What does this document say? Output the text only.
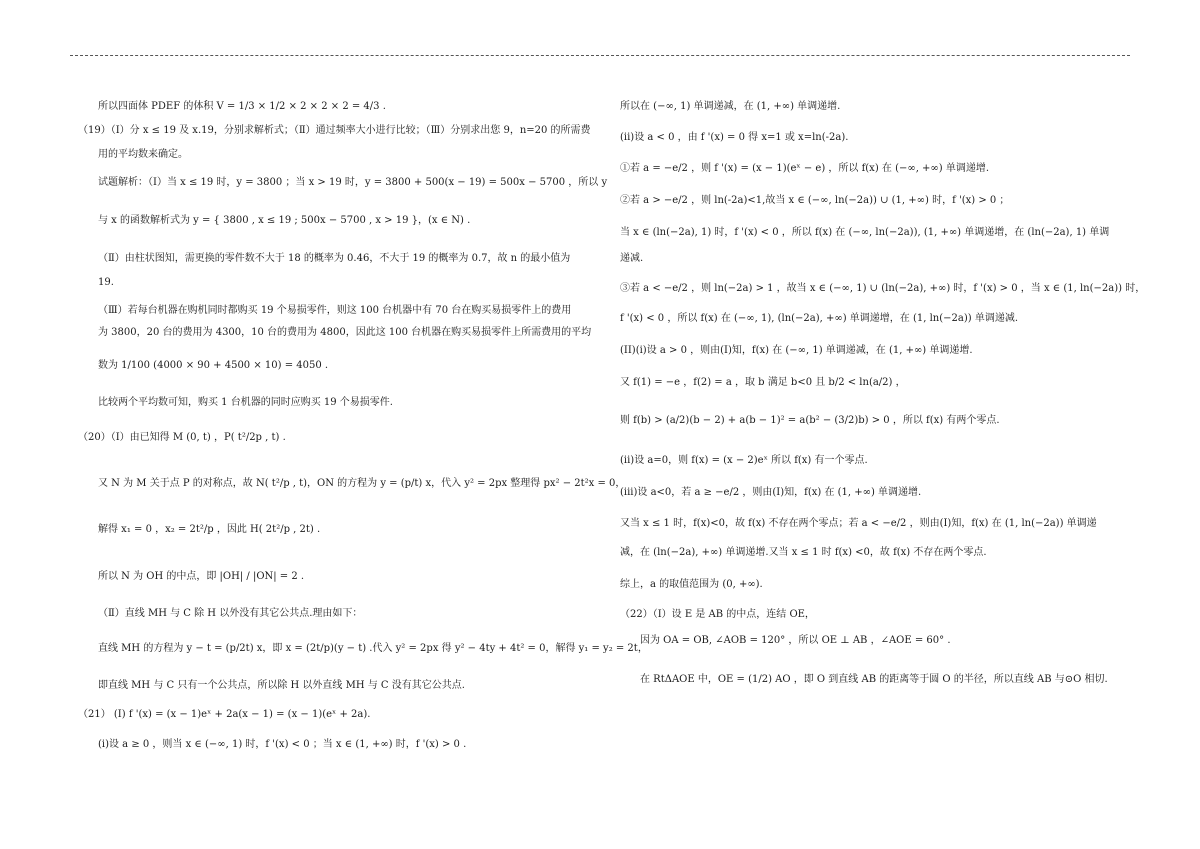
所以四面体 PDEF 的体积 V = 1/3 × 1/2 × 2 × 2 × 2 = 4/3 .
（19）（Ⅰ）分 x ≤ 19 及 x.19，分别求解析式；（Ⅱ）通过频率大小进行比较；（Ⅲ）分别求出您 9，n=20 的所需费
用的平均数来确定。
试题解析：（Ⅰ）当 x ≤ 19 时，y = 3800 ；当 x > 19 时，y = 3800 + 500(x − 19) = 500x − 5700 ，所以 y
与 x 的函数解析式为 y = { 3800 , x ≤ 19 ; 500x − 5700 , x > 19 }，(x ∈ N) .
（Ⅱ）由柱状图知，需更换的零件数不大于 18 的概率为 0.46，不大于 19 的概率为 0.7，故 n 的最小值为
19.
（Ⅲ）若每台机器在购机同时都购买 19 个易损零件，则这 100 台机器中有 70 台在购买易损零件上的费用
为 3800，20 台的费用为 4300，10 台的费用为 4800，因此这 100 台机器在购买易损零件上所需费用的平均
数为 1/100 (4000 × 90 + 4500 × 10) = 4050 .
比较两个平均数可知，购买 1 台机器的同时应购买 19 个易损零件.
（20）（Ⅰ）由已知得 M (0, t) ，P( t²/2p , t) .
又 N 为 M 关于点 P 的对称点，故 N( t²/p , t)，ON 的方程为 y = (p/t) x，代入 y² = 2px 整理得 px² − 2t²x = 0，
解得 x₁ = 0 ，x₂ = 2t²/p ，因此 H( 2t²/p , 2t) .
所以 N 为 OH 的中点，即 |OH| / |ON| = 2 .
（Ⅱ）直线 MH 与 C 除 H 以外没有其它公共点.理由如下：
直线 MH 的方程为 y − t = (p/2t) x，即 x = (2t/p)(y − t) .代入 y² = 2px 得 y² − 4ty + 4t² = 0，解得 y₁ = y₂ = 2t，
即直线 MH 与 C 只有一个公共点，所以除 H 以外直线 MH 与 C 没有其它公共点.
（21） (I) f '(x) = (x − 1)eˣ + 2a(x − 1) = (x − 1)(eˣ + 2a).
(i)设 a ≥ 0 ，则当 x ∈ (−∞, 1) 时，f '(x) < 0 ；当 x ∈ (1, +∞) 时，f '(x) > 0 .
所以在 (−∞, 1) 单调递减，在 (1, +∞) 单调递增.
(ii)设 a < 0 ，由 f '(x) = 0 得 x=1 或 x=ln(-2a).
①若 a = −e/2 ，则 f '(x) = (x − 1)(eˣ − e) ，所以 f(x) 在 (−∞, +∞) 单调递增.
②若 a > −e/2 ，则 ln(-2a)<1,故当 x ∈ (−∞, ln(−2a)) ∪ (1, +∞) 时，f '(x) > 0 ；
当 x ∈ (ln(−2a), 1) 时，f '(x) < 0 ，所以 f(x) 在 (−∞, ln(−2a)), (1, +∞) 单调递增，在 (ln(−2a), 1) 单调
递减.
③若 a < −e/2 ，则 ln(−2a) > 1 ，故当 x ∈ (−∞, 1) ∪ (ln(−2a), +∞) 时，f '(x) > 0 ，当 x ∈ (1, ln(−2a)) 时，
f '(x) < 0 ，所以 f(x) 在 (−∞, 1), (ln(−2a), +∞) 单调递增，在 (1, ln(−2a)) 单调递减.
(II)(i)设 a > 0 ，则由(I)知，f(x) 在 (−∞, 1) 单调递减，在 (1, +∞) 单调递增.
又 f(1) = −e ，f(2) = a ，取 b 满足 b<0 且 b/2 < ln(a/2) ，
则 f(b) > (a/2)(b − 2) + a(b − 1)² = a(b² − (3/2)b) > 0 ，所以 f(x) 有两个零点.
(ii)设 a=0，则 f(x) = (x − 2)eˣ 所以 f(x) 有一个零点.
(iii)设 a<0，若 a ≥ −e/2 ，则由(I)知，f(x) 在 (1, +∞) 单调递增.
又当 x ≤ 1 时，f(x)<0，故 f(x) 不存在两个零点；若 a < −e/2 ，则由(I)知，f(x) 在 (1, ln(−2a)) 单调递
减，在 (ln(−2a), +∞) 单调递增.又当 x ≤ 1 时 f(x) <0，故 f(x) 不存在两个零点.
综上，a 的取值范围为 (0, +∞).
（22）（Ⅰ）设 E 是 AB 的中点，连结 OE，
因为 OA = OB, ∠AOB = 120° ，所以 OE ⊥ AB ，∠AOE = 60° .
在 RtΔAOE 中，OE = (1/2) AO ，即 O 到直线 AB 的距离等于圆 O 的半径，所以直线 AB 与⊙O 相切.
